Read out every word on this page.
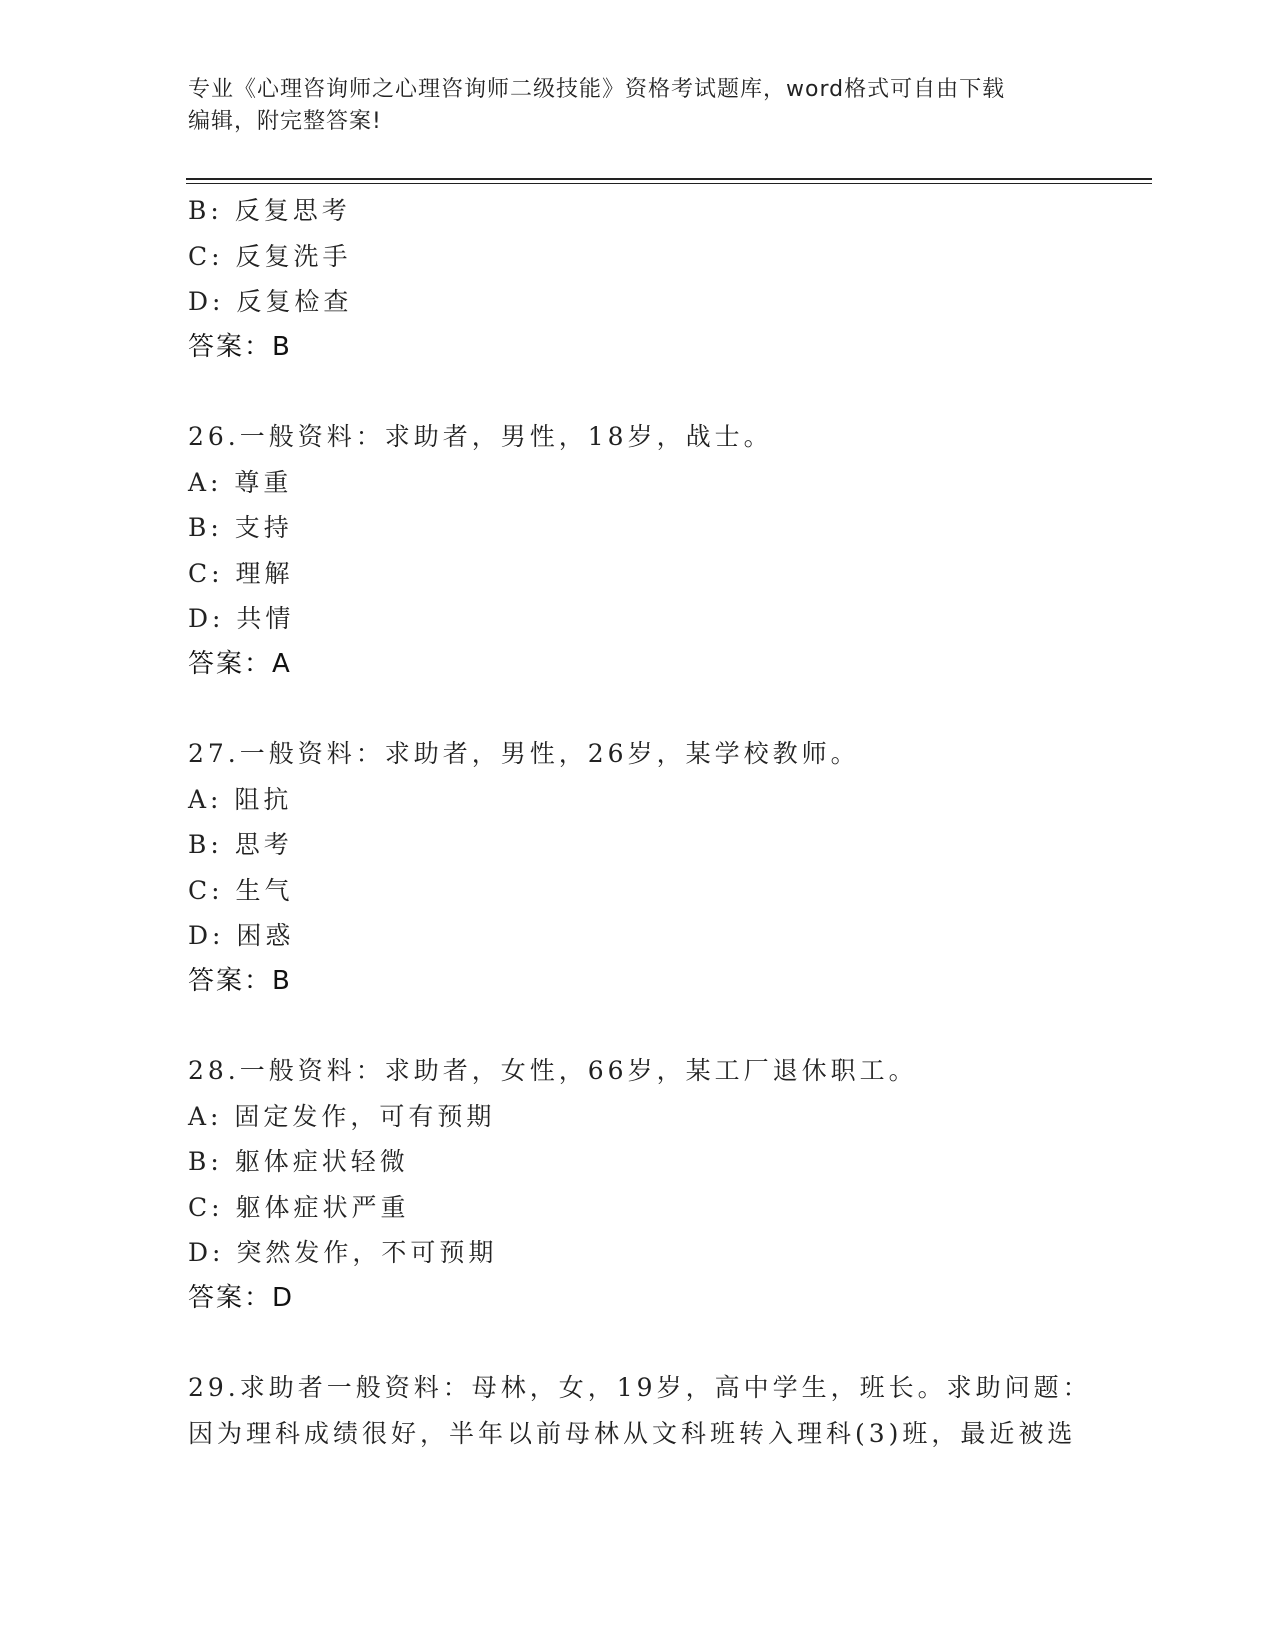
专业《心理咨询师之心理咨询师二级技能》资格考试题库，word格式可自由下载
编辑，附完整答案!
B: 反复思考
C: 反复洗手
D: 反复检查
答案：B
26.一般资料：求助者，男性，18岁，战士。
A: 尊重
B: 支持
C: 理解
D: 共情
答案：A
27.一般资料：求助者，男性，26岁，某学校教师。
A: 阻抗
B: 思考
C: 生气
D: 困惑
答案：B
28.一般资料：求助者，女性，66岁，某工厂退休职工。
A: 固定发作，可有预期
B: 躯体症状轻微
C: 躯体症状严重
D: 突然发作，不可预期
答案：D
29.求助者一般资料：母林，女，19岁，高中学生，班长。求助问题：
因为理科成绩很好，半年以前母林从文科班转入理科(3)班，最近被选
